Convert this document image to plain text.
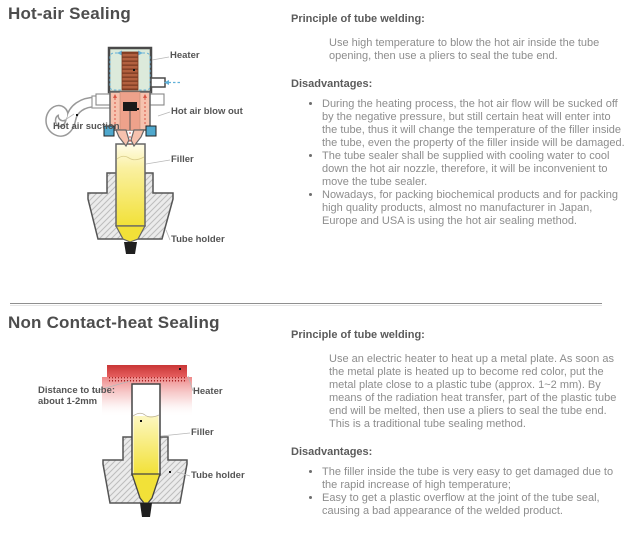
Hot-air Sealing
Heater
Hot air blow out
Hot air suction
Filler
Tube holder
Principle of tube welding:

Use high temperature to blow the hot air inside the tube opening, then use a pliers to seal the tube end.

Disadvantages:
• During the heating process, the hot air flow will be sucked off by the negative pressure, but still certain heat will enter into the tube, thus it will change the temperature of the filler inside the tube, even the property of the filler inside will be damaged.
• The tube sealer shall be supplied with cooling water to cool down the hot air nozzle, therefore, it will be inconvenient to move the tube sealer.
• Nowadays, for packing biochemical products and for packing high quality products, almost no manufacturer in Japan, Europe and USA is using the hot air sealing method.
Non Contact-heat Sealing
Distance to tube: about 1-2mm
Heater
Filler
Tube holder
Principle of tube welding:

Use an electric heater to heat up a metal plate. As soon as the metal plate is heated up to become red color, put the metal plate close to a plastic tube (approx. 1~2 mm). By means of the radiation heat transfer, part of the plastic tube end will be melted, then use a pliers to seal the tube end. This is a traditional tube sealing method.

Disadvantages:
• The filler inside the tube is very easy to get damaged due to the rapid increase of high temperature;
• Easy to get a plastic overflow at the joint of the tube seal, causing a bad appearance of the welded product.
